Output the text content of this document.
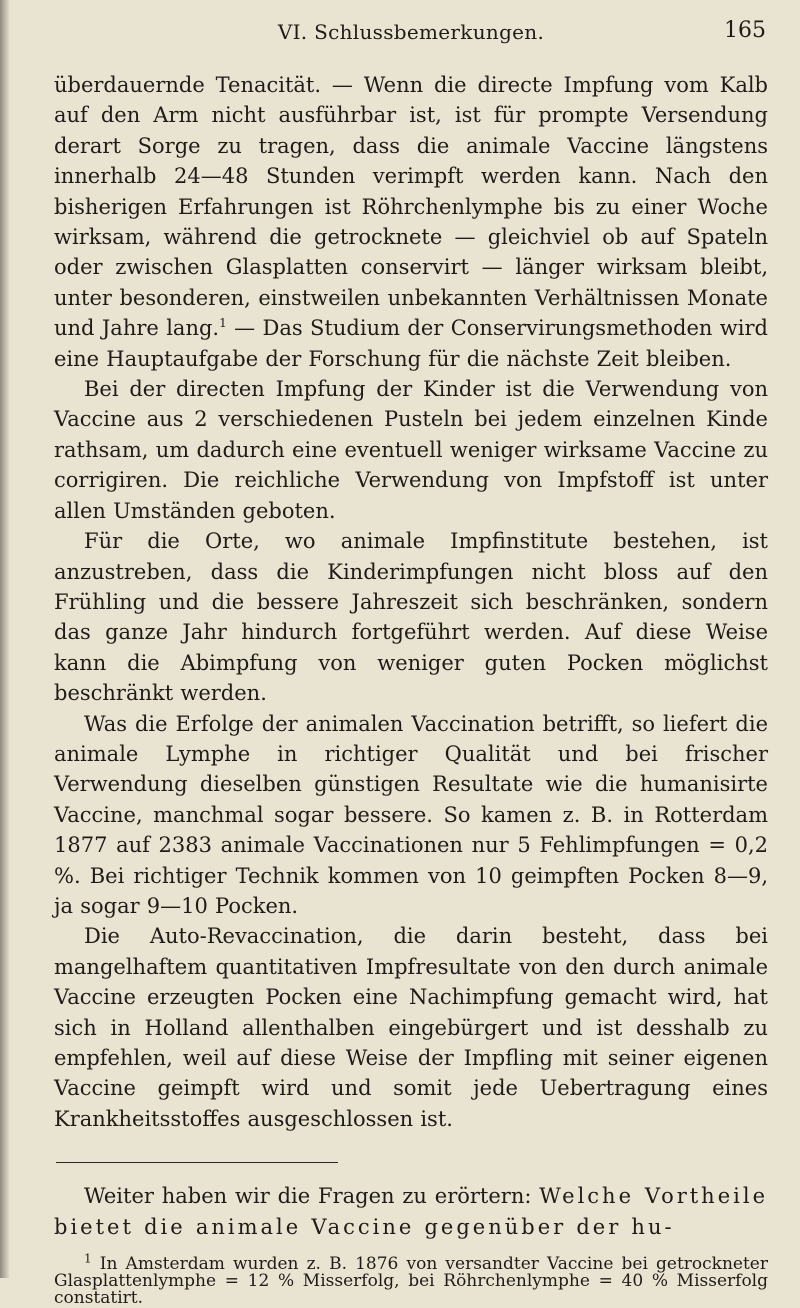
VI. Schlussbemerkungen.	165

überdauernde Tenacität. — Wenn die directe Impfung vom Kalb auf den Arm nicht ausführbar ist, ist für prompte Versendung derart Sorge zu tragen, dass die animale Vaccine längstens innerhalb 24—48 Stunden verimpft werden kann. Nach den bisherigen Erfahrungen ist Röhrchenlymphe bis zu einer Woche wirksam, während die getrocknete — gleichviel ob auf Spateln oder zwischen Glasplatten conservirt — länger wirksam bleibt, unter besonderen, einstweilen unbekannten Verhältnissen Monate und Jahre lang.$^1$ — Das Studium der Conservirungsmethoden wird eine Hauptaufgabe der Forschung für die nächste Zeit bleiben.

Bei der directen Impfung der Kinder ist die Verwendung von Vaccine aus 2 verschiedenen Pusteln bei jedem einzelnen Kinde rathsam, um dadurch eine eventuell weniger wirksame Vaccine zu corrigiren. Die reichliche Verwendung von Impfstoff ist unter allen Umständen geboten.

Für die Orte, wo animale Impfinstitute bestehen, ist anzustreben, dass die Kinderimpfungen nicht bloss auf den Frühling und die bessere Jahreszeit sich beschränken, sondern das ganze Jahr hindurch fortgeführt werden. Auf diese Weise kann die Abimpfung von weniger guten Pocken möglichst beschränkt werden.

Was die Erfolge der animalen Vaccination betrifft, so liefert die animale Lymphe in richtiger Qualität und bei frischer Verwendung dieselben günstigen Resultate wie die humanisirte Vaccine, manchmal sogar bessere. So kamen z. B. in Rotterdam 1877 auf 2383 animale Vaccinationen nur 5 Fehlimpfungen = 0,2 %. Bei richtiger Technik kommen von 10 geimpften Pocken 8—9, ja sogar 9—10 Pocken.

Die Auto-Revaccination, die darin besteht, dass bei mangelhaftem quantitativen Impfresultate von den durch animale Vaccine erzeugten Pocken eine Nachimpfung gemacht wird, hat sich in Holland allenthalben eingebürgert und ist desshalb zu empfehlen, weil auf diese Weise der Impfling mit seiner eigenen Vaccine geimpft wird und somit jede Uebertragung eines Krankheitsstoffes ausgeschlossen ist.

Weiter haben wir die Fragen zu erörtern: Welche Vortheile bietet die animale Vaccine gegenüber der hu-

$^1$ In Amsterdam wurden z. B. 1876 von versandter Vaccine bei getrockneter Glasplattenlymphe = 12 % Misserfolg, bei Röhrchenlymphe = 40 % Misserfolg constatirt.
